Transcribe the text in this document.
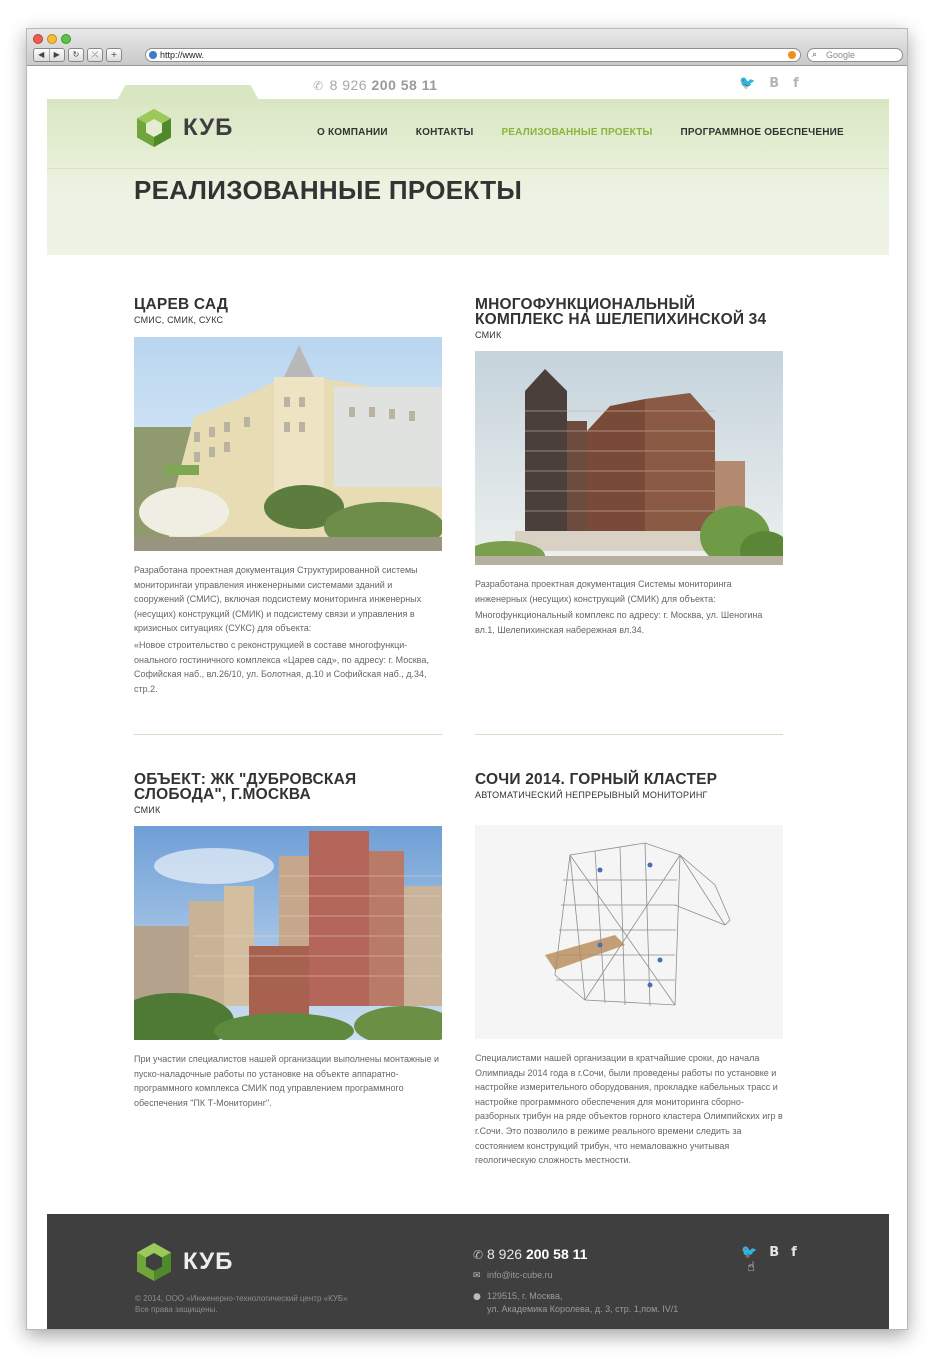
◀	▶	↻	⤫	+	http://www.	⌕ Google
✆ 8 926 200 58 11	🐦 B f
КУБ	О КОМПАНИИ	КОНТАКТЫ	РЕАЛИЗОВАННЫЕ ПРОЕКТЫ	ПРОГРАММНОЕ ОБЕСПЕЧЕНИЕ
РЕАЛИЗОВАННЫЕ ПРОЕКТЫ
ЦАРЕВ САД
СМИС, СМИК, СУКС

Разработана проектная документация Структурированной системы мониторингаи управления инженерными системами зданий и сооружений (СМИС), включая подсистему мониторинга инженерных (несущих) конструкций (СМИК) и подсистему связи и управления в кризисных ситуациях (СУКС) для объекта:

«Новое строительство с реконструкцией в составе многофункци- онального гостиничного комплекса «Царев сад», по адресу: г. Москва, Софийская наб., вл.26/10, ул. Болотная, д.10 и Софийская наб., д.34, стр.2.

МНОГОФУНКЦИОНАЛЬНЫЙ КОМПЛЕКС НА ШЕЛЕПИХИНСКОЙ 34
СМИК

Разработана проектная документация Системы мониторинга инженерных (несущих) конструкций (СМИК) для объекта:

Многофункциональный комплекс по адресу: г. Москва, ул. Шеногина вл.1, Шелепихинская набережная вл.34.

ОБЪЕКТ: ЖК "ДУБРОВСКАЯ СЛОБОДА", Г.МОСКВА
СМИК

При участии специалистов нашей организации выполнены монтажные и пуско-наладочные работы по установке на объекте аппаратно-программного комплекса СМИК под управлением программного обеспечения "ПК Т-Мониторинг".

СОЧИ 2014. ГОРНЫЙ КЛАСТЕР
АВТОМАТИЧЕСКИЙ НЕПРЕРЫВНЫЙ МОНИТОРИНГ

Специалистами нашей организации в кратчайшие сроки, до начала Олимпиады 2014 года в г.Сочи, были проведены работы по установке и настройке измерительного оборудования, прокладке кабельных трасс и настройке программного обеспечения для мониторинга сборно-разборных трибун на ряде объектов горного кластера Олимпийских игр в г.Сочи. Это позволило в режиме реального времени следить за состоянием конструкций трибун, что немаловажно учитывая геологическую сложность местности.

КУБ
© 2014, ООО «Инженерно-технологический центр «КУБ»
Все права защищены.
✆ 8 926 200 58 11
✉ info@itc-cube.ru
● 129515, г. Москва,
ул. Академика Королева, д. 3, стр. 1,пом. IV/1
🐦 B f
☝
